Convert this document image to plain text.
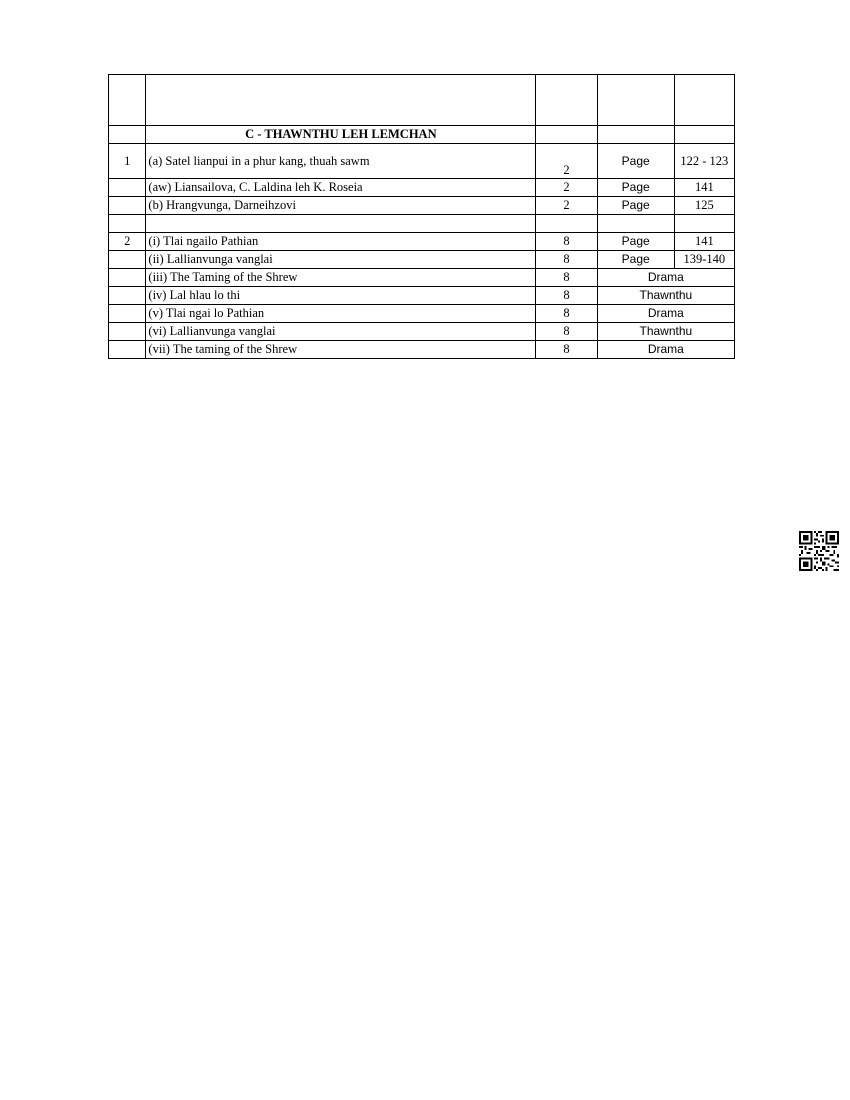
	C - THAWNTHU LEH LEMCHAN			
1	(a) Satel lianpui in a phur kang, thuah sawm	2	Page	122 - 123
	(aw) Liansailova, C. Laldina leh K. Roseia	2	Page	141
	(b) Hrangvunga, Darneihzovi	2	Page	125

2	(i) Tlai ngailo Pathian	8	Page	141
	(ii) Lallianvunga vanglai	8	Page	139-140
	(iii) The Taming of the Shrew	8	Drama	
	(iv) Lal hlau lo thi	8	Thawnthu	
	(v) Tlai ngai lo Pathian	8	Drama	
	(vi) Lallianvunga vanglai	8	Thawnthu	
	(vii) The taming of the Shrew	8	Drama	
